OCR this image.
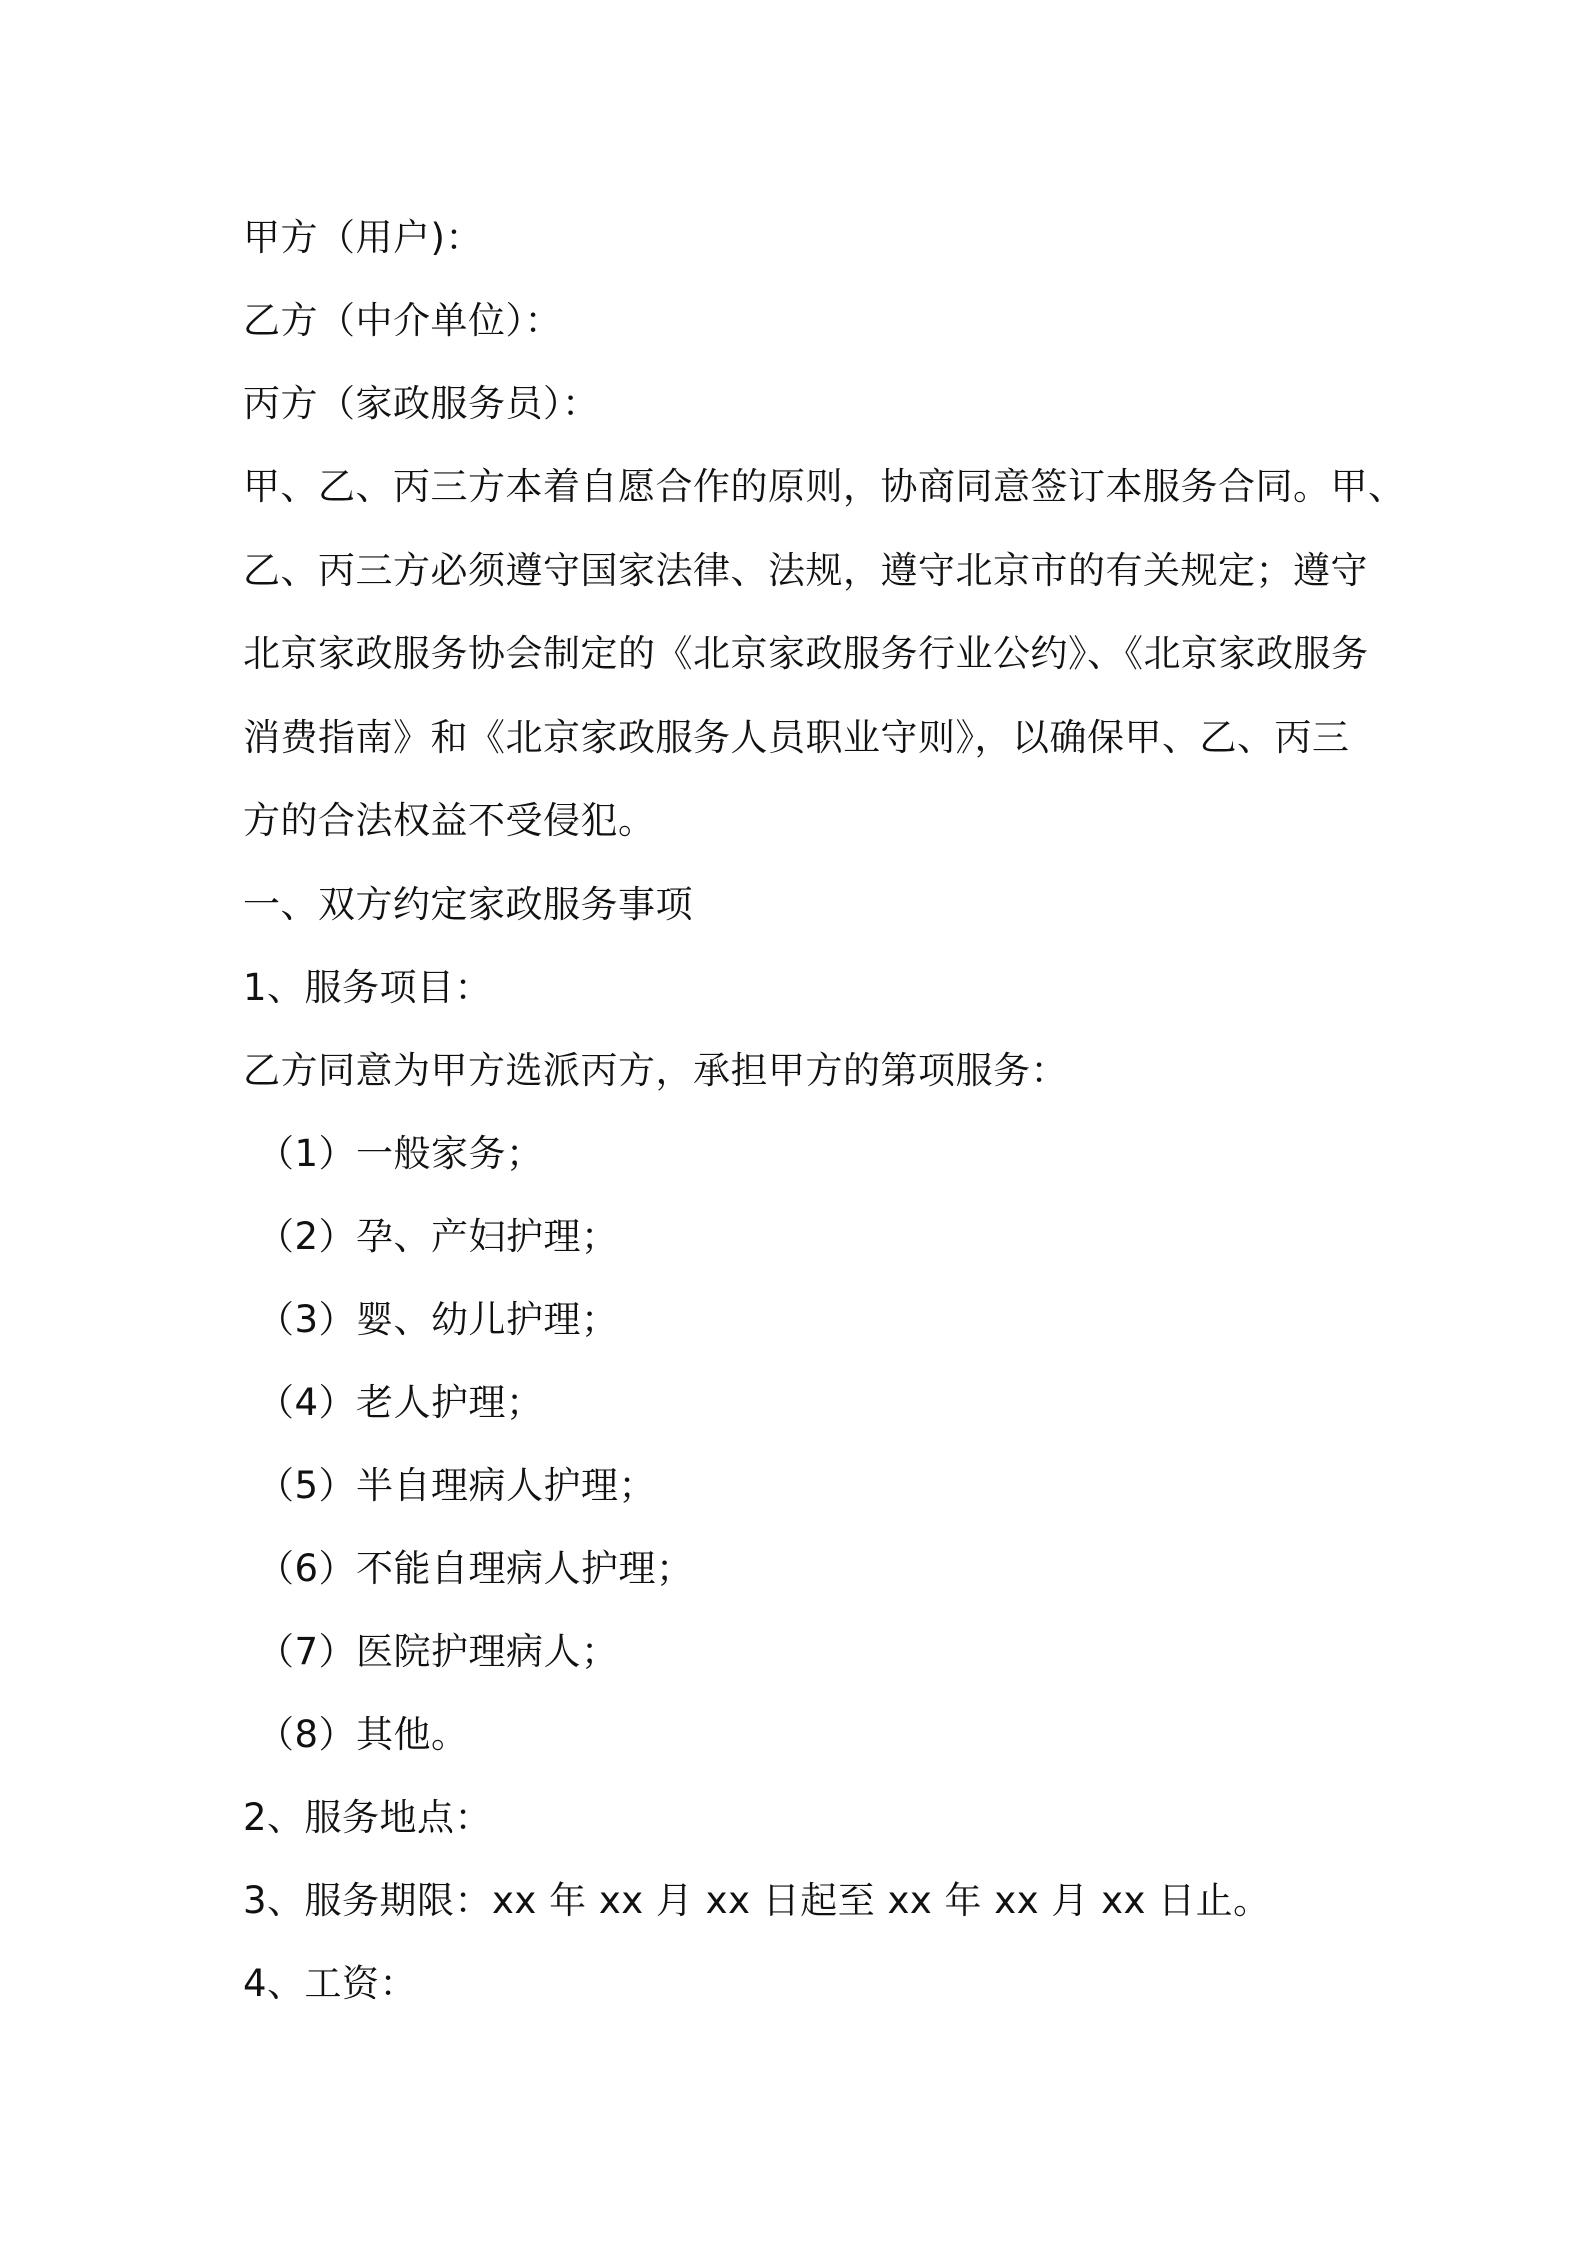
甲方（用户)：
乙方（中介单位）：
丙方（家政服务员）：
甲、乙、丙三方本着自愿合作的原则，协商同意签订本服务合同。甲、
乙、丙三方必须遵守国家法律、法规，遵守北京市的有关规定；遵守
北京家政服务协会制定的《北京家政服务行业公约》、《北京家政服务
消费指南》和《北京家政服务人员职业守则》，以确保甲、乙、丙三
方的合法权益不受侵犯。
一、双方约定家政服务事项
1、服务项目：
乙方同意为甲方选派丙方，承担甲方的第项服务：
（1）一般家务；
（2）孕、产妇护理；
（3）婴、幼儿护理；
（4）老人护理；
（5）半自理病人护理；
（6）不能自理病人护理；
（7）医院护理病人；
（8）其他。
2、服务地点：
3、服务期限：xx 年 xx 月 xx 日起至 xx 年 xx 月 xx 日止。
4、工资：
